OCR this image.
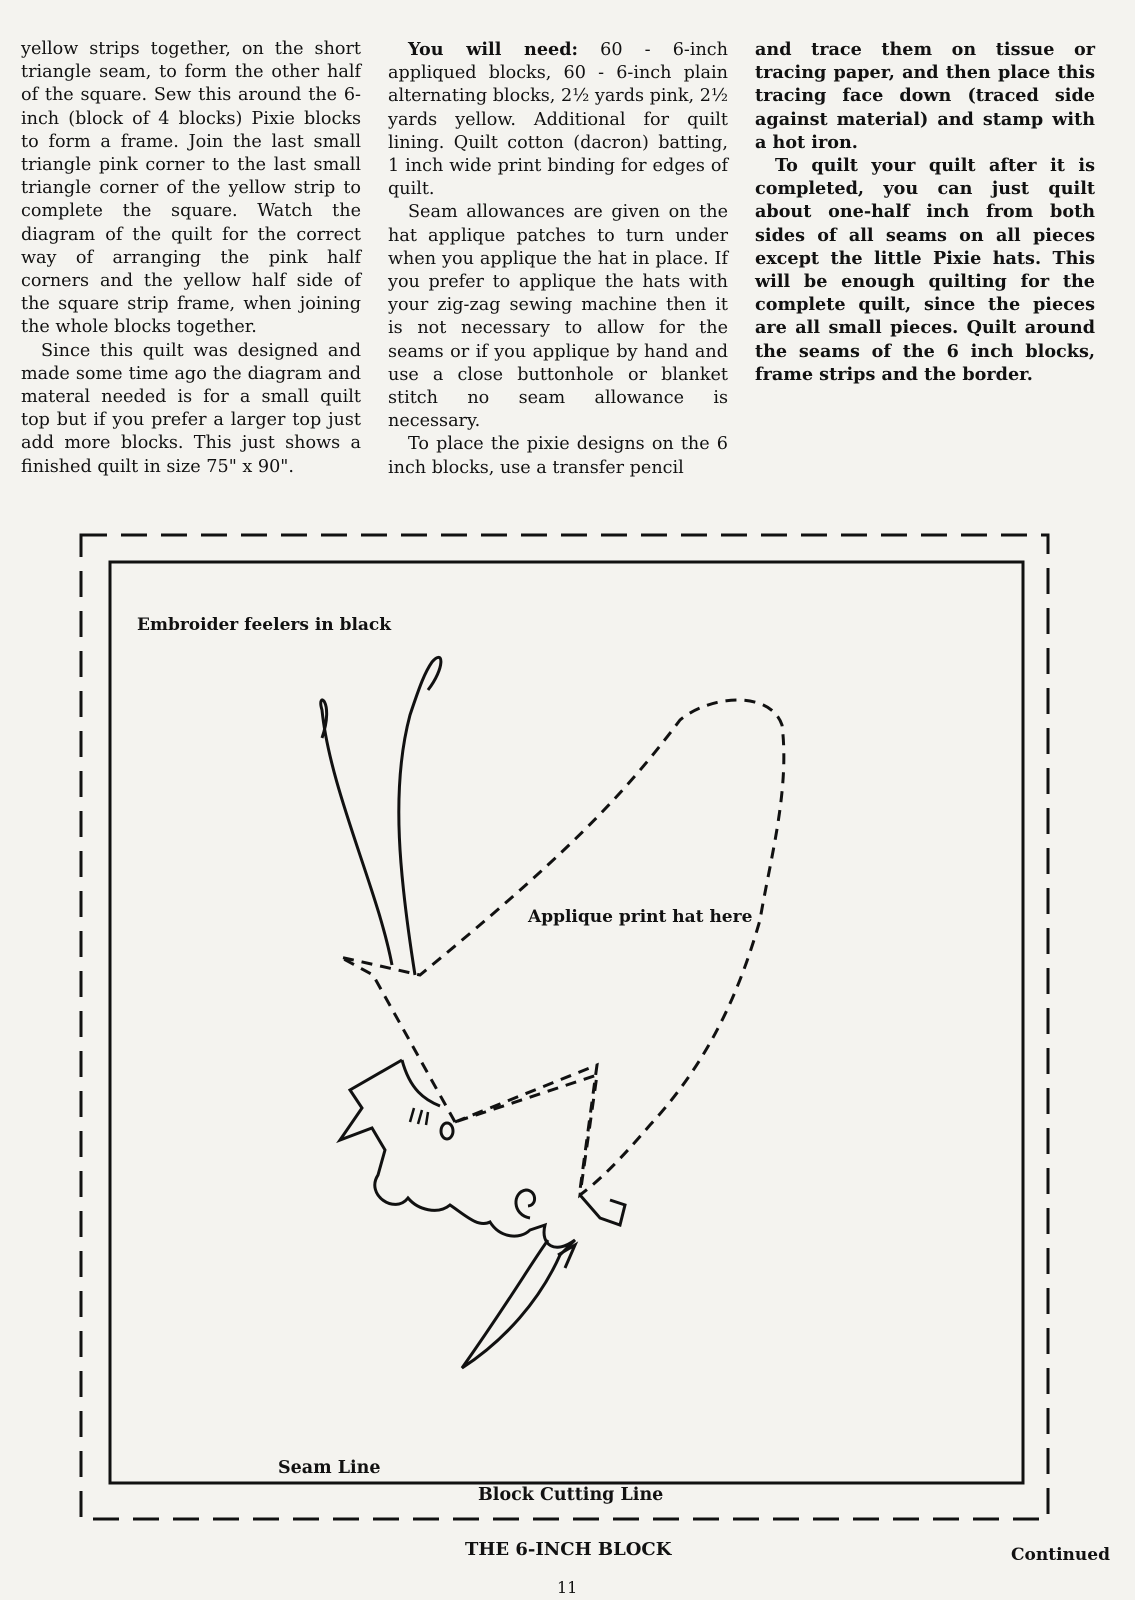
yellow strips together, on the short triangle seam, to form the other half of the square. Sew this around the 6-inch (block of 4 blocks) Pixie blocks to form a frame. Join the last small triangle pink corner to the last small triangle corner of the yellow strip to complete the square. Watch the diagram of the quilt for the correct way of arranging the pink half corners and the yellow half side of the square strip frame, when joining the whole blocks together.

Since this quilt was designed and made some time ago the diagram and materal needed is for a small quilt top but if you prefer a larger top just add more blocks. This just shows a finished quilt in size 75" x 90".

You will need: 60 - 6-inch appliqued blocks, 60 - 6-inch plain alternating blocks, 2½ yards pink, 2½ yards yellow. Additional for quilt lining. Quilt cotton (dacron) batting, 1 inch wide print binding for edges of quilt.

Seam allowances are given on the hat applique patches to turn under when you applique the hat in place. If you prefer to applique the hats with your zig-zag sewing machine then it is not necessary to allow for the seams or if you applique by hand and use a close buttonhole or blanket stitch no seam allowance is necessary.

To place the pixie designs on the 6 inch blocks, use a transfer pencil

and trace them on tissue or tracing paper, and then place this tracing face down (traced side against material) and stamp with a hot iron.

To quilt your quilt after it is completed, you can just quilt about one-half inch from both sides of all seams on all pieces except the little Pixie hats. This will be enough quilting for the complete quilt, since the pieces are all small pieces. Quilt around the seams of the 6 inch blocks, frame strips and the border.

Embroider feelers in black
Applique print hat here
Seam Line
Block Cutting Line
THE 6-INCH BLOCK	Continued
11
